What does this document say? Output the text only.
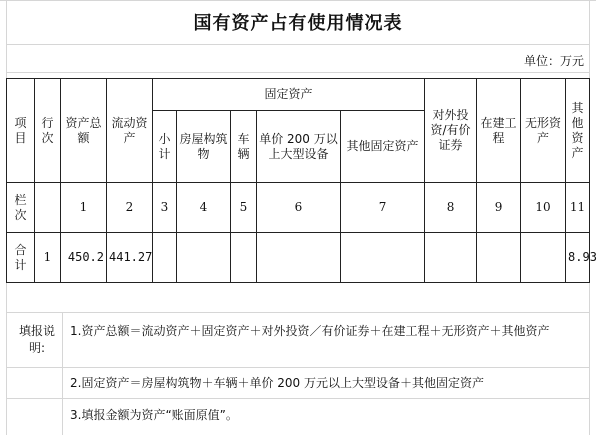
国有资产占有使用情况表
单位：万元
项目	行次	资产总额	流动资产	固定资产					对外投资/有价证券	在建工程	无形资产	其他资产
				小计	房屋构筑物	车辆	单价 200 万以上大型设备	其他固定资产				
栏次		1	2	3	4	5	6	7	8	9	10	11
合计	1	450.2	441.27									8.93
填报说明:
1.资产总额＝流动资产＋固定资产＋对外投资／有价证券＋在建工程＋无形资产＋其他资产
2.固定资产＝房屋构筑物＋车辆＋单价 200 万元以上大型设备＋其他固定资产
3.填报金额为资产“账面原值”。
